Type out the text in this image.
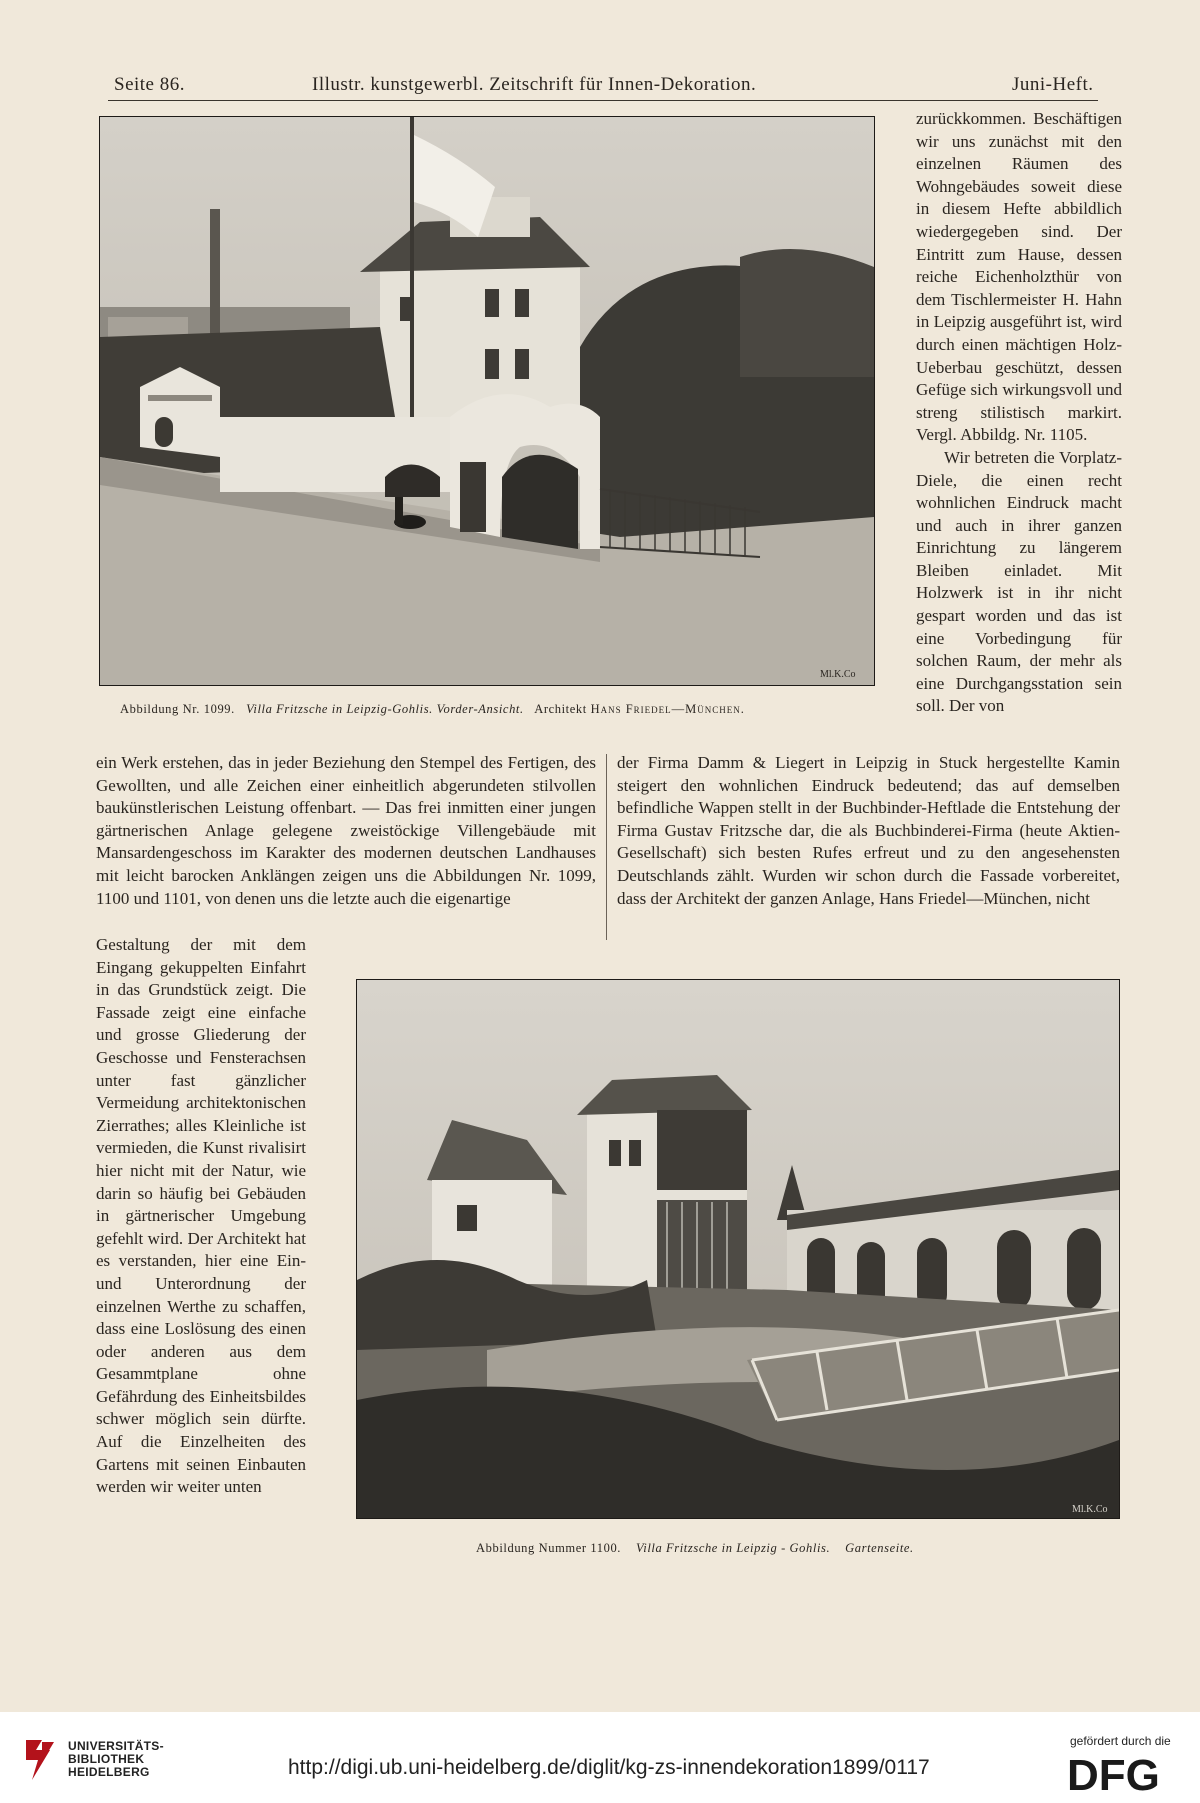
Seite 86.	Illustr. kunstgewerbl. Zeitschrift für Innen-Dekoration.	Juni-Heft.
Ml.K.Co
Abbildung Nr. 1099. Villa Fritzsche in Leipzig-Gohlis. Vorder-Ansicht. Architekt Hans Friedel—München.

zurückkommen. Beschäftigen wir uns zunächst mit den einzelnen Räumen des Wohngebäudes soweit diese in diesem Hefte abbildlich wiedergegeben sind. Der Eintritt zum Hause, dessen reiche Eichenholzthür von dem Tischlermeister H. Hahn in Leipzig ausgeführt ist, wird durch einen mächtigen Holz-Ueberbau geschützt, dessen Gefüge sich wirkungsvoll und streng stilistisch markirt. Vergl. Abbildg. Nr. 1105.

Wir betreten die Vorplatz-Diele, die einen recht wohnlichen Eindruck macht und auch in ihrer ganzen Einrichtung zu längerem Bleiben einladet. Mit Holzwerk ist in ihr nicht gespart worden und das ist eine Vorbedingung für solchen Raum, der mehr als eine Durchgangsstation sein soll. Der von

ein Werk erstehen, das in jeder Beziehung den Stempel des Fertigen, des Gewollten, und alle Zeichen einer einheitlich abgerundeten stilvollen baukünstlerischen Leistung offenbart. — Das frei inmitten einer jungen gärtnerischen Anlage gelegene zweistöckige Villengebäude mit Mansardengeschoss im Karakter des modernen deutschen Landhauses mit leicht barocken Anklängen zeigen uns die Abbildungen Nr. 1099, 1100 und 1101, von denen uns die letzte auch die eigenartige

der Firma Damm & Liegert in Leipzig in Stuck hergestellte Kamin steigert den wohnlichen Eindruck bedeutend; das auf demselben befindliche Wappen stellt in der Buchbinder-Heftlade die Entstehung der Firma Gustav Fritzsche dar, die als Buchbinderei-Firma (heute Aktien-Gesellschaft) sich besten Rufes erfreut und zu den angesehensten Deutschlands zählt. Wurden wir schon durch die Fassade vorbereitet, dass der Architekt der ganzen Anlage, Hans Friedel—München, nicht

Gestaltung der mit dem Eingang gekuppelten Einfahrt in das Grundstück zeigt. Die Fassade zeigt eine einfache und grosse Gliederung der Geschosse und Fensterachsen unter fast gänzlicher Vermeidung architektonischen Zierrathes; alles Kleinliche ist vermieden, die Kunst rivalisirt hier nicht mit der Natur, wie darin so häufig bei Gebäuden in gärtnerischer Umgebung gefehlt wird. Der Architekt hat es verstanden, hier eine Ein- und Unterordnung der einzelnen Werthe zu schaffen, dass eine Loslösung des einen oder anderen aus dem Gesammtplane ohne Gefährdung des Einheitsbildes schwer möglich sein dürfte. Auf die Einzelheiten des Gartens mit seinen Einbauten werden wir weiter unten

Ml.K.Co
Abbildung Nummer 1100. Villa Fritzsche in Leipzig - Gohlis. Gartenseite.
UNIVERSITÄTS-
BIBLIOTHEK
HEIDELBERG	http://digi.ub.uni-heidelberg.de/diglit/kg-zs-innendekoration1899/0117
gefördert durch die
DFG
